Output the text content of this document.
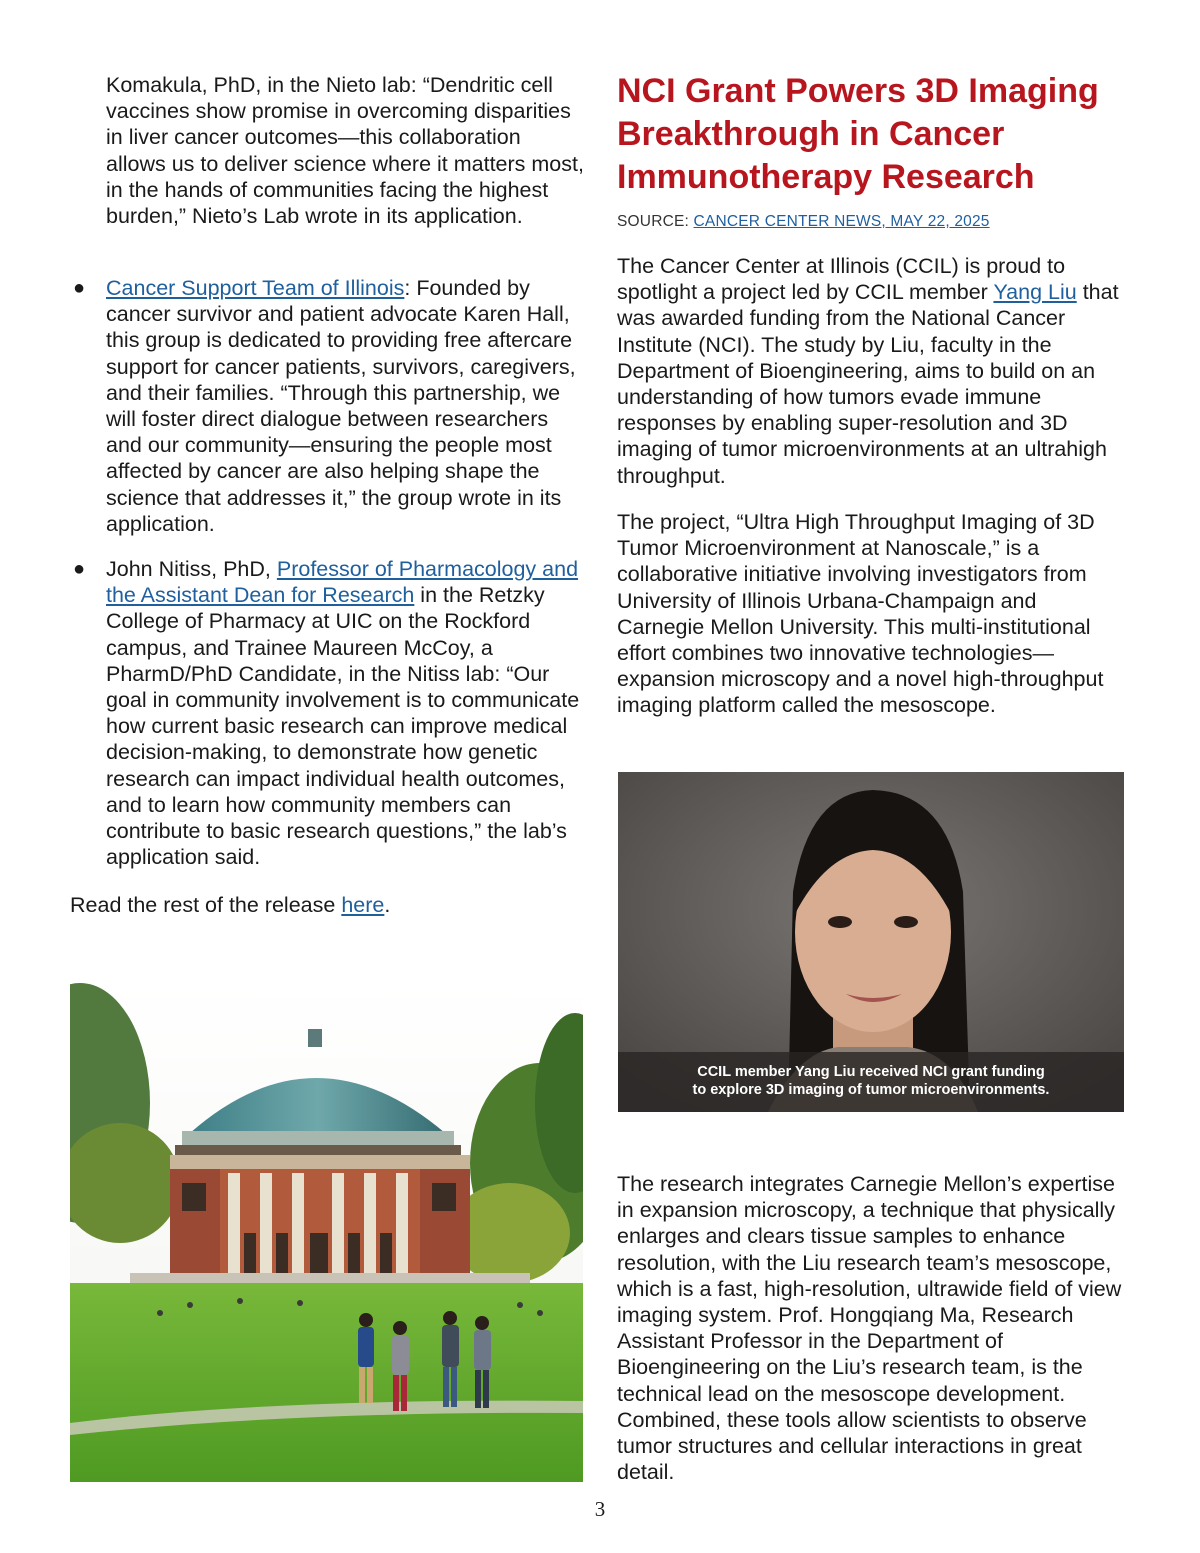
Komakula, PhD, in the Nieto lab: “Dendritic cell vaccines show promise in overcoming disparities in liver cancer outcomes—this collaboration allows us to deliver science where it matters most, in the hands of communities facing the highest burden,” Nieto’s Lab wrote in its application.

● Cancer Support Team of Illinois: Founded by cancer survivor and patient advocate Karen Hall, this group is dedicated to providing free aftercare support for cancer patients, survivors, caregivers, and their families. “Through this partnership, we will foster direct dialogue between researchers and our community—ensuring the people most affected by cancer are also helping shape the science that addresses it,” the group wrote in its application.
● John Nitiss, PhD, Professor of Pharmacology and the Assistant Dean for Research in the Retzky College of Pharmacy at UIC on the Rockford campus, and Trainee Maureen McCoy, a PharmD/PhD Candidate, in the Nitiss lab: “Our goal in community involvement is to communicate how current basic research can improve medical decision-making, to demonstrate how genetic research can impact individual health outcomes, and to learn how community members can contribute to basic research questions,” the lab’s application said.

Read the rest of the release here.

NCI Grant Powers 3D Imaging Breakthrough in Cancer Immunotherapy Research
SOURCE: CANCER CENTER NEWS, MAY 22, 2025

The Cancer Center at Illinois (CCIL) is proud to spotlight a project led by CCIL member Yang Liu that was awarded funding from the National Cancer Institute (NCI). The study by Liu, faculty in the Department of Bioengineering, aims to build on an understanding of how tumors evade immune responses by enabling super-resolution and 3D imaging of tumor microenvironments at an ultrahigh throughput.

The project, “Ultra High Throughput Imaging of 3D Tumor Microenvironment at Nanoscale,” is a collaborative initiative involving investigators from University of Illinois Urbana-Champaign and Carnegie Mellon University. This multi-institutional effort combines two innovative technologies—expansion microscopy and a novel high-throughput imaging platform called the mesoscope.

The research integrates Carnegie Mellon’s expertise in expansion microscopy, a technique that physically enlarges and clears tissue samples to enhance resolution, with the Liu research team’s mesoscope, which is a fast, high-resolution, ultrawide field of view imaging system. Prof. Hongqiang Ma, Research Assistant Professor in the Department of Bioengineering on the Liu’s research team, is the technical lead on the mesoscope development. Combined, these tools allow scientists to observe tumor structures and cellular interactions in great detail.

CCIL member Yang Liu received NCI grant funding
to explore 3D imaging of tumor microenvironments.
3
